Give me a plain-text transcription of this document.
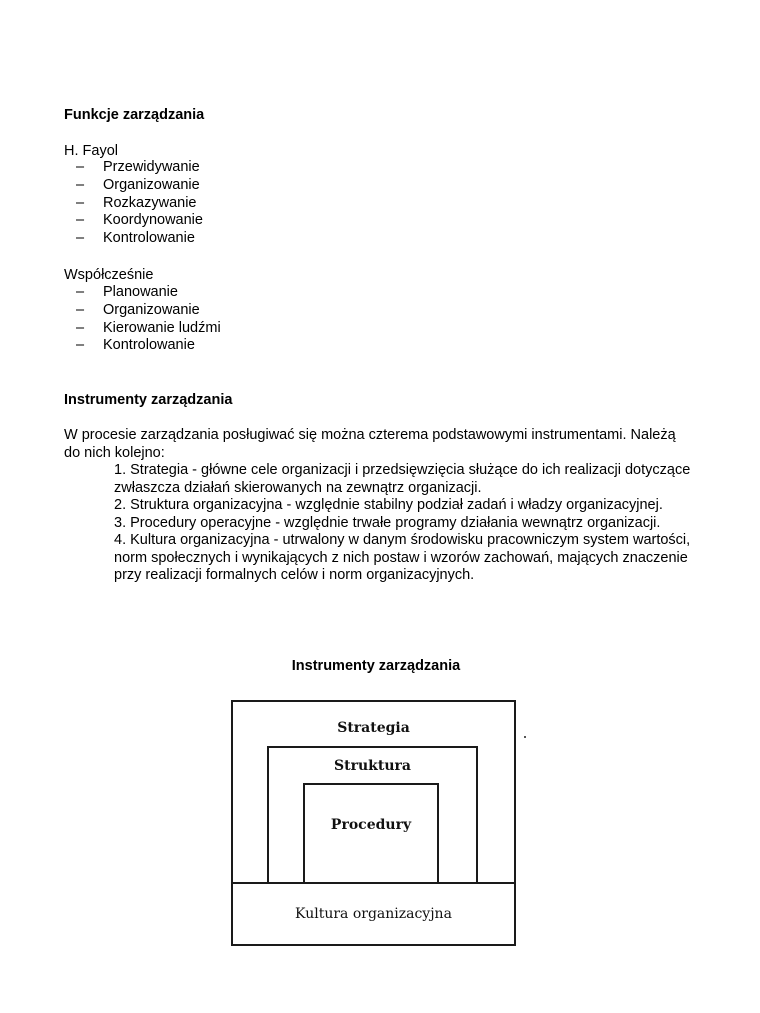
Funkcje zarządzania

H. Fayol

–	Przewidywanie
–	Organizowanie
–	Rozkazywanie
–	Koordynowanie
–	Kontrolowanie

Współcześnie

–	Planowanie
–	Organizowanie
–	Kierowanie ludźmi
–	Kontrolowanie
Instrumenty zarządzania

W procesie zarządzania posługiwać się można czterema podstawowymi instrumentami. Należą do nich kolejno:

1. Strategia - główne cele organizacji i przedsięwzięcia służące do ich realizacji dotyczące zwłaszcza działań skierowanych na zewnątrz organizacji.
2. Struktura organizacyjna - względnie stabilny podział zadań i władzy organizacyjnej.
3. Procedury operacyjne - względnie trwałe programy działania wewnątrz organizacji.
4. Kultura organizacyjna - utrwalony w danym środowisku pracowniczym system wartości, norm społecznych i wynikających z nich postaw i wzorów zachowań, mających znaczenie przy realizacji formalnych celów i norm organizacyjnych.

Instrumenty zarządzania

Strategia
Struktura
Procedury
Kultura organizacyjna
